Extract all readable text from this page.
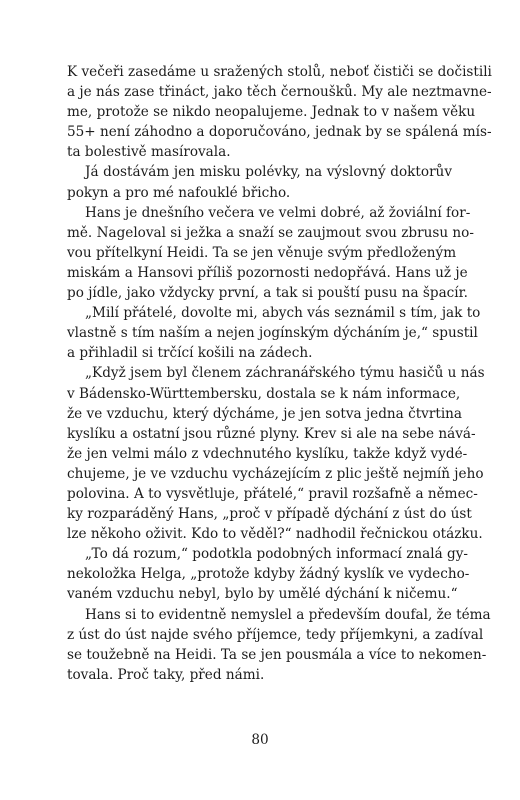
K večeři zasedáme u sražených stolů, neboť čističi se dočistili
a je nás zase třináct, jako těch černoušků. My ale neztmavne-
me, protože se nikdo neopalujeme. Jednak to v našem věku
55+ není záhodno a doporučováno, jednak by se spálená mís-
ta bolestivě masírovala.

Já dostávám jen misku polévky, na výslovný doktorův
pokyn a pro mé nafouklé břicho.

Hans je dnešního večera ve velmi dobré, až žoviální for-
mě. Nageloval si ježka a snaží se zaujmout svou zbrusu no-
vou přítelkyní Heidi. Ta se jen věnuje svým předloženým
miskám a Hansovi příliš pozornosti nedopřává. Hans už je
po jídle, jako vždycky první, a tak si pouští pusu na špacír.

„Milí přátelé, dovolte mi, abych vás seznámil s tím, jak to
vlastně s tím naším a nejen jogínským dýcháním je,“ spustil
a přihladil si trčící košili na zádech.

„Když jsem byl členem záchranářského týmu hasičů u nás
v Bádensko-Württembersku, dostala se k nám informace,
že ve vzduchu, který dýcháme, je jen sotva jedna čtvrtina
kyslíku a ostatní jsou různé plyny. Krev si ale na sebe nává-
že jen velmi málo z vdechnutého kyslíku, takže když vydé-
chujeme, je ve vzduchu vycházejícím z plic ještě nejmíň jeho
polovina. A to vysvětluje, přátelé,“ pravil rozšafně a němec-
ky rozparáděný Hans, „proč v případě dýchání z úst do úst
lze někoho oživit. Kdo to věděl?“ nadhodil řečnickou otázku.

„To dá rozum,“ podotkla podobných informací znalá gy-
nekoložka Helga, „protože kdyby žádný kyslík ve vydecho-
vaném vzduchu nebyl, bylo by umělé dýchání k ničemu.“

Hans si to evidentně nemyslel a především doufal, že téma
z úst do úst najde svého příjemce, tedy příjemkyni, a zadíval
se toužebně na Heidi. Ta se jen pousmála a více to nekomen-
tovala. Proč taky, před námi.

80
